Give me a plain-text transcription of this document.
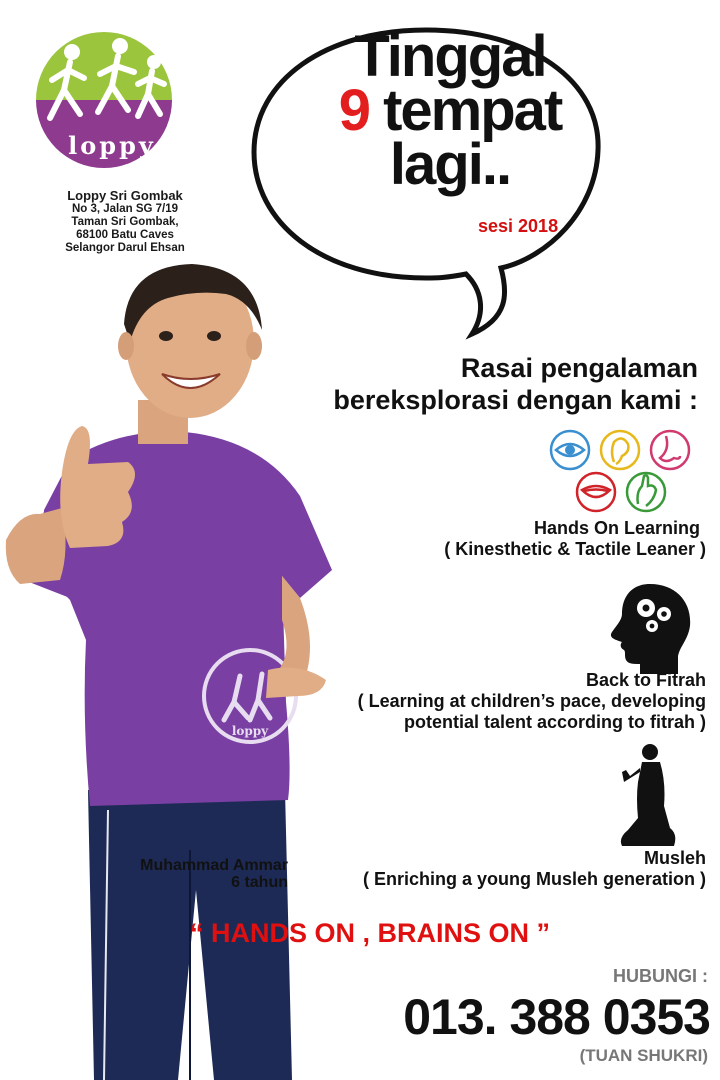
loppy
Loppy Sri Gombak
No 3, Jalan SG 7/19
Taman Sri Gombak,
68100 Batu Caves
Selangor Darul Ehsan
Tinggal
9 tempat
lagi..
sesi 2018
Rasai pengalaman
bereksplorasi dengan kami :
Hands On Learning
( Kinesthetic & Tactile Leaner )
Back to Fitrah
( Learning at children’s pace, developing
potential talent according to fitrah )
Musleh
( Enriching a young Musleh generation )
loppy
Muhammad Ammar
6 tahun
“ HANDS ON , BRAINS ON ”
HUBUNGI :
013. 388 0353
(TUAN SHUKRI)
